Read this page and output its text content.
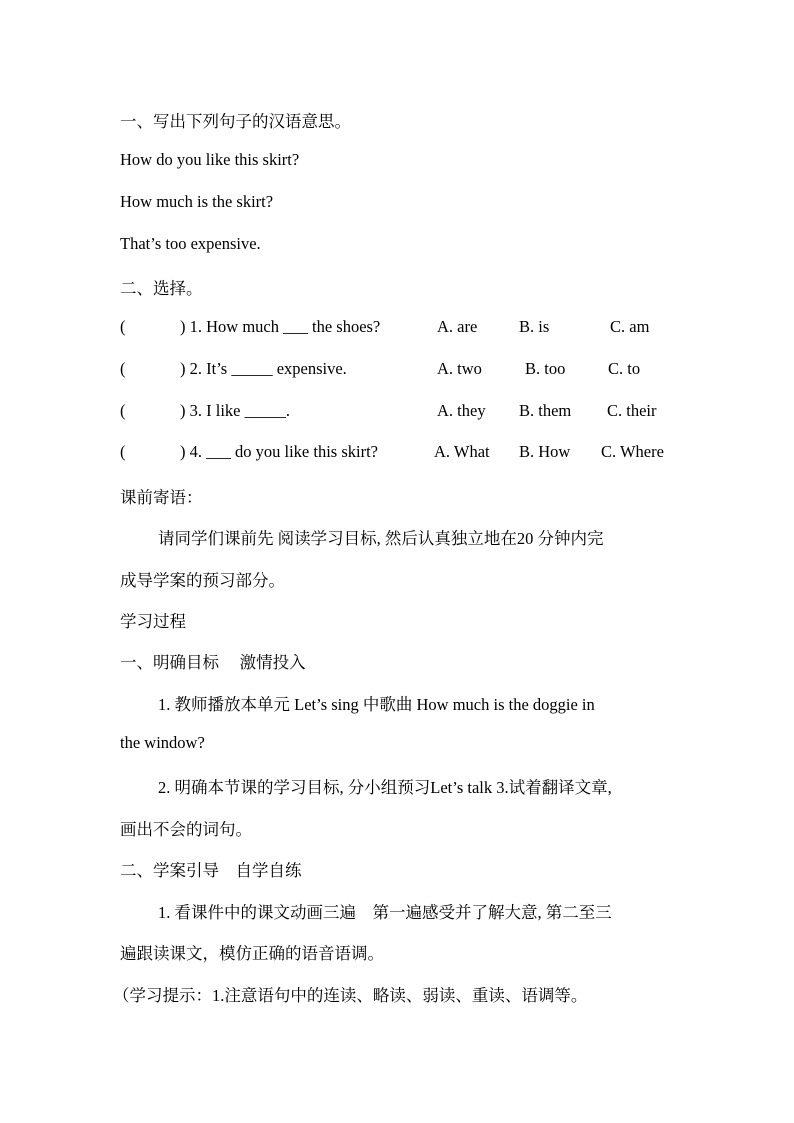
一、写出下列句子的汉语意思。
How do you like this skirt?
How much is the skirt?
That’s too expensive.
二、选择。
(	) 1. How much ___ the shoes?	A. are	B. is	C. am
(	) 2. It’s _____ expensive.	A. two	B. too	C. to
(	) 3. I like _____.	A. they B. them C. their
(	) 4. ___ do you like this skirt?	A. What B. How C. Where
课前寄语：
请同学们课前先 阅读学习目标, 然后认真独立地在20 分钟内完
成导学案的预习部分。
学习过程
一、明确目标　 激情投入
1. 教师播放本单元 Let’s sing 中歌曲 How much is the doggie in
the window?
2. 明确本节课的学习目标, 分小组预习Let’s talk 3.试着翻译文章,
画出不会的词句。
二、学案引导　自学自练
1. 看课件中的课文动画三遍　第一遍感受并了解大意, 第二至三
遍跟读课文，模仿正确的语音语调。
（学习提示：1.注意语句中的连读、略读、弱读、重读、语调等。
